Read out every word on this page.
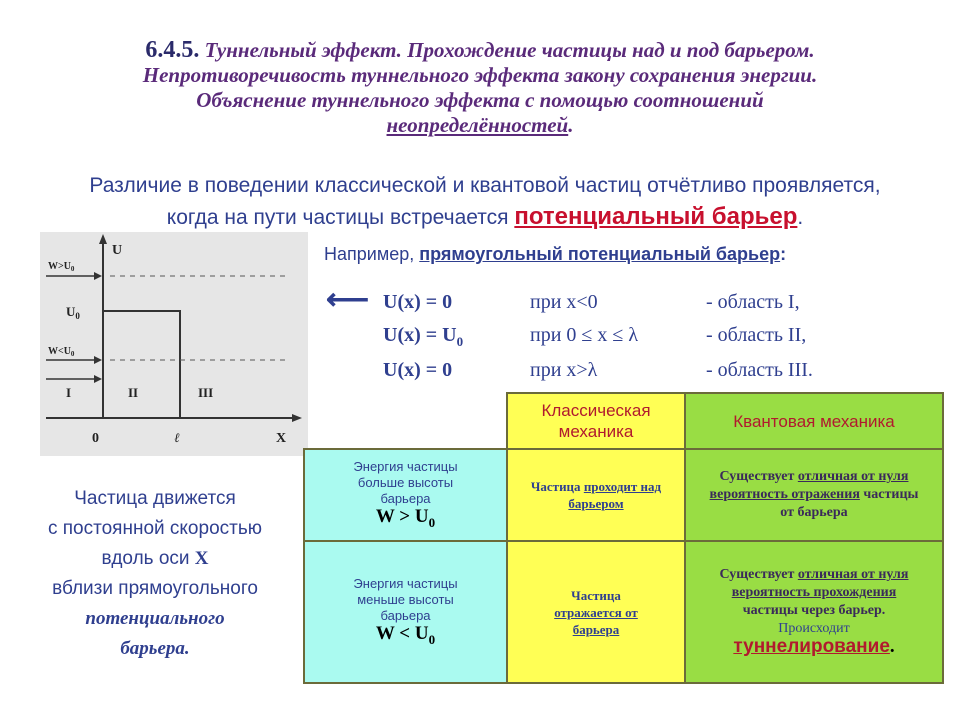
6.4.5. Туннельный эффект. Прохождение частицы над и под барьером.
Непротиворечивость туннельного эффекта закону сохранения энергии.
Объяснение туннельного эффекта с помощью соотношений
неопределённостей.
Различие в поведении классической и квантовой частиц отчётливо проявляется,
когда на пути частицы встречается потенциальный барьер.
U
$W>U_0$
$U_0$
$W<U_0$
I	II	III
0	ℓ	X
Например, прямоугольный потенциальный барьер:
⟵ U(x) = 0	при x<0	- область I,
$U(x) = U_0$	при 0 ≤ x ≤ λ	- область II,
U(x) = 0	при x>λ	- область III.
Частица движется
с постоянной скоростью
вдоль оси X
вблизи прямоугольного
потенциального
барьера.
	Классическая механика	Квантовая механика

Энергия частицы больше высоты барьера
$W > U_0$	Частица проходит над барьером	Существует отличная от нуля вероятность отражения частицы от барьера

Энергия частицы меньше высоты барьера
$W < U_0$	Частица отражается от барьера	Существует отличная от нуля вероятность прохождения частицы через барьер.
Происходит
туннелирование.
